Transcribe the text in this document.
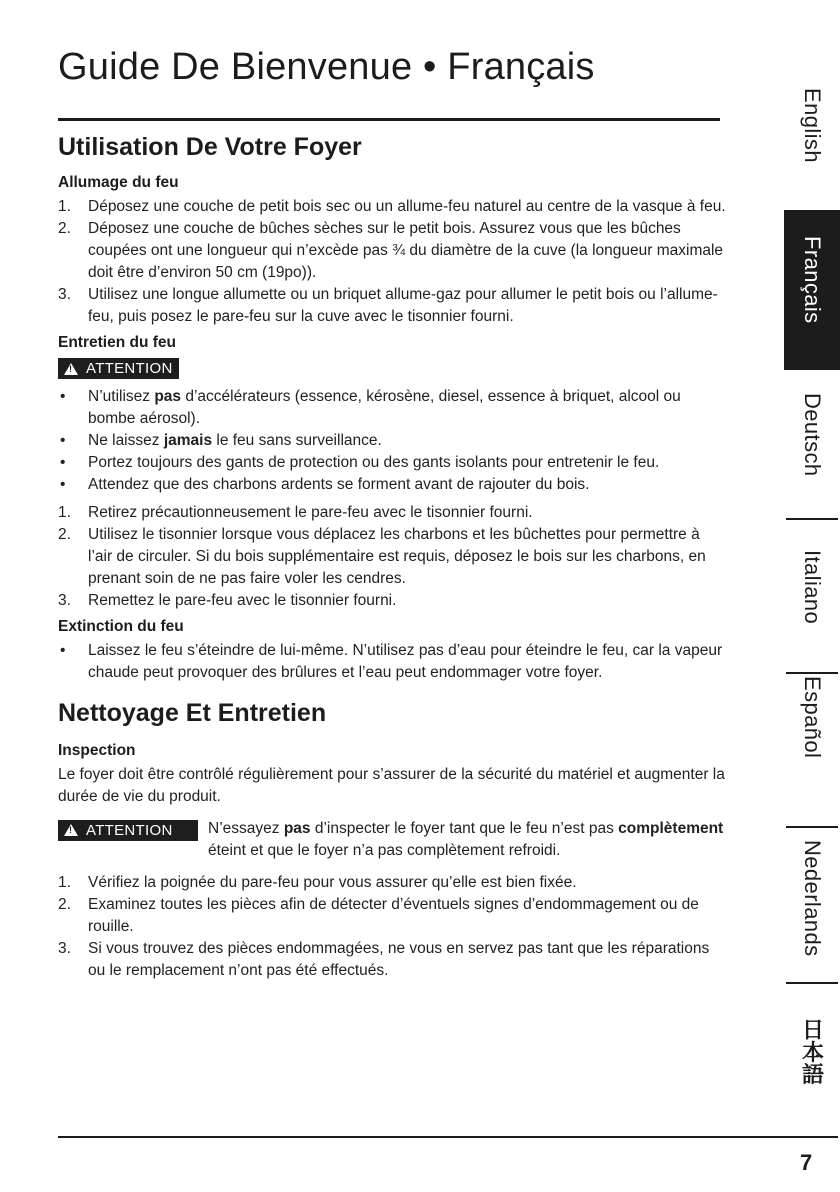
Guide De Bienvenue • Français
Utilisation De Votre Foyer
Allumage du feu
1. Déposez une couche de petit bois sec ou un allume-feu naturel au centre de la vasque à feu.
2. Déposez une couche de bûches sèches sur le petit bois. Assurez vous que les bûches coupées ont une longueur qui n’excède pas ¾ du diamètre de la cuve (la longueur maximale doit être d’environ 50 cm (19po)).
3. Utilisez une longue allumette ou un briquet allume-gaz pour allumer le petit bois ou l’allume-feu, puis posez le pare-feu sur la cuve avec le tisonnier fourni.
Entretien du feu
!
ATTENTION
• N’utilisez pas d’accélérateurs (essence, kérosène, diesel, essence à briquet, alcool ou bombe aérosol).
• Ne laissez jamais le feu sans surveillance.
• Portez toujours des gants de protection ou des gants isolants pour entretenir le feu.
• Attendez que des charbons ardents se forment avant de rajouter du bois.
1. Retirez précautionneusement le pare-feu avec le tisonnier fourni.
2. Utilisez le tisonnier lorsque vous déplacez les charbons et les bûchettes pour permettre à l’air de circuler. Si du bois supplémentaire est requis, déposez le bois sur les charbons, en prenant soin de ne pas faire voler les cendres.
3. Remettez le pare-feu avec le tisonnier fourni.
Extinction du feu
• Laissez le feu s’éteindre de lui-même. N’utilisez pas d’eau pour éteindre le feu, car la vapeur chaude peut provoquer des brûlures et l’eau peut endommager votre foyer.
Nettoyage Et Entretien
Inspection

Le foyer doit être contrôlé régulièrement pour s’assurer de la sécurité du matériel et augmenter la durée de vie du produit.

!
ATTENTION N’essayez pas d’inspecter le foyer tant que le feu n’est pas complètement éteint et que le foyer n’a pas complètement refroidi.
1. Vérifiez la poignée du pare-feu pour vous assurer qu’elle est bien fixée.
2. Examinez toutes les pièces afin de détecter d’éventuels signes d’endommagement ou de rouille.
3. Si vous trouvez des pièces endommagées, ne vous en servez pas tant que les réparations ou le remplacement n’ont pas été effectués.
English
Français
Deutsch
Italiano
Español
Nederlands
日本語
7
